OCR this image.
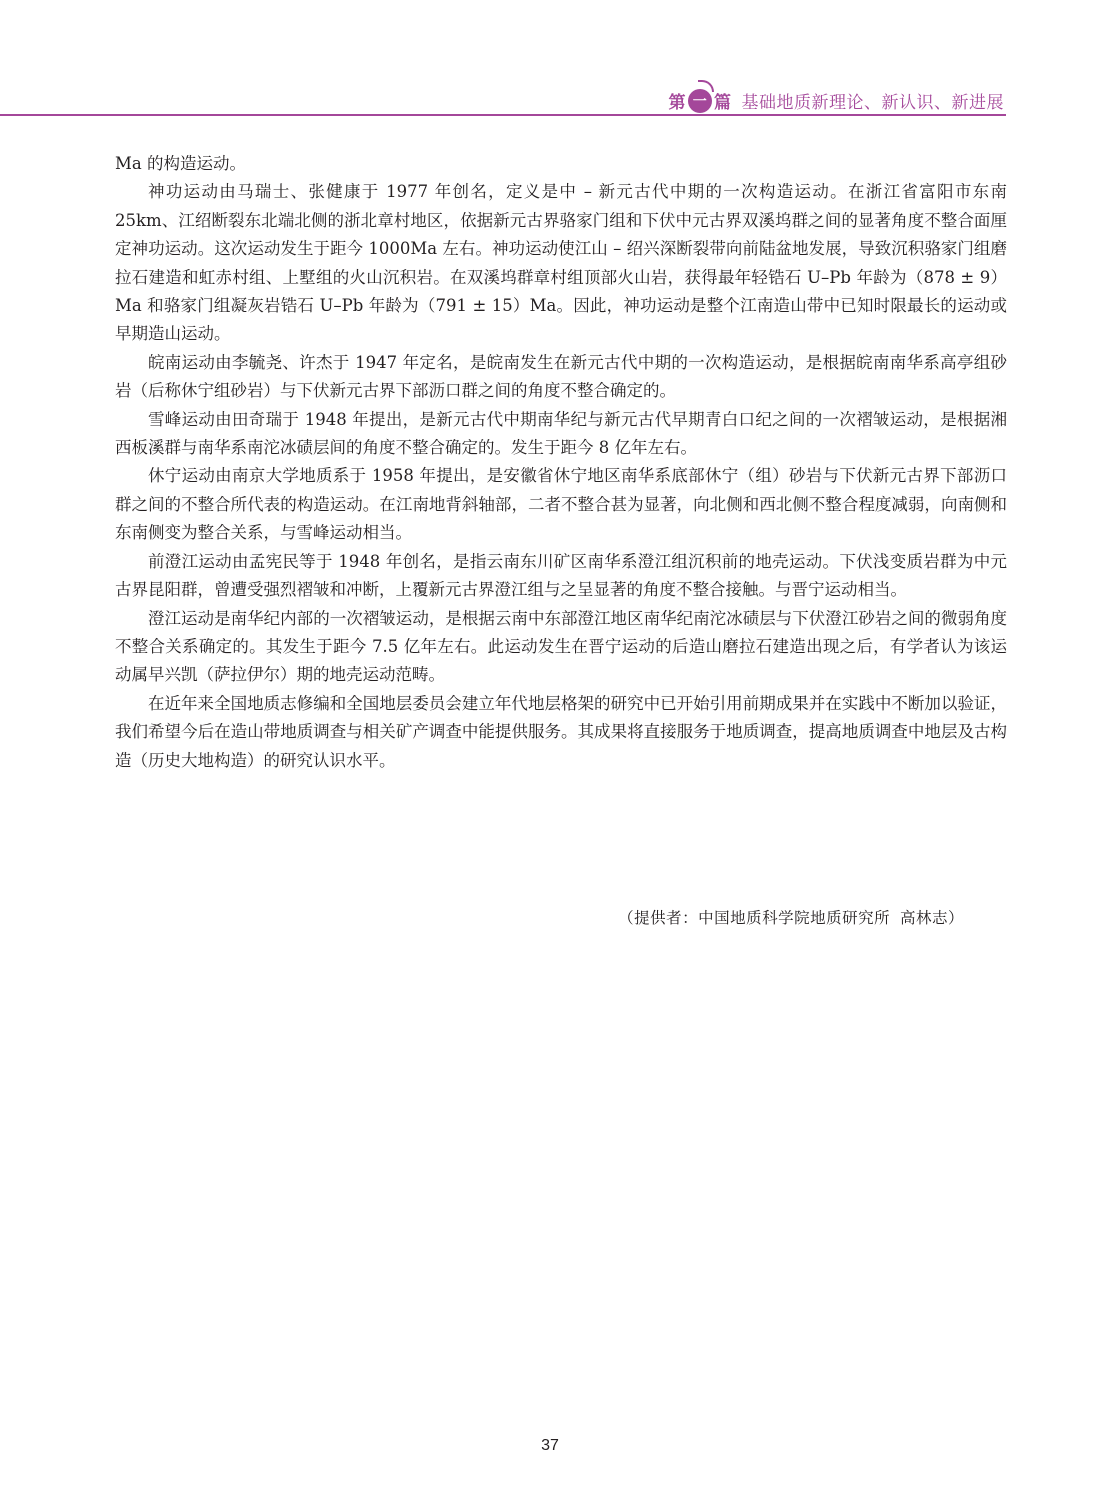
第 一 篇 基础地质新理论、新认识、新进展

Ma 的构造运动。

神功运动由马瑞士、张健康于 1977 年创名，定义是中 – 新元古代中期的一次构造运动。在浙江省富阳市东南 25km、江绍断裂东北端北侧的浙北章村地区，依据新元古界骆家门组和下伏中元古界双溪坞群之间的显著角度不整合面厘定神功运动。这次运动发生于距今 1000Ma 左右。神功运动使江山 – 绍兴深断裂带向前陆盆地发展，导致沉积骆家门组磨拉石建造和虹赤村组、上墅组的火山沉积岩。在双溪坞群章村组顶部火山岩，获得最年轻锆石 U–Pb 年龄为（878 ± 9）Ma 和骆家门组凝灰岩锆石 U–Pb 年龄为（791 ± 15）Ma。因此，神功运动是整个江南造山带中已知时限最长的运动或早期造山运动。

皖南运动由李毓尧、许杰于 1947 年定名，是皖南发生在新元古代中期的一次构造运动，是根据皖南南华系高亭组砂岩（后称休宁组砂岩）与下伏新元古界下部沥口群之间的角度不整合确定的。

雪峰运动由田奇瑞于 1948 年提出，是新元古代中期南华纪与新元古代早期青白口纪之间的一次褶皱运动，是根据湘西板溪群与南华系南沱冰碛层间的角度不整合确定的。发生于距今 8 亿年左右。

休宁运动由南京大学地质系于 1958 年提出，是安徽省休宁地区南华系底部休宁（组）砂岩与下伏新元古界下部沥口群之间的不整合所代表的构造运动。在江南地背斜轴部，二者不整合甚为显著，向北侧和西北侧不整合程度减弱，向南侧和东南侧变为整合关系，与雪峰运动相当。

前澄江运动由孟宪民等于 1948 年创名，是指云南东川矿区南华系澄江组沉积前的地壳运动。下伏浅变质岩群为中元古界昆阳群，曾遭受强烈褶皱和冲断，上覆新元古界澄江组与之呈显著的角度不整合接触。与晋宁运动相当。

澄江运动是南华纪内部的一次褶皱运动，是根据云南中东部澄江地区南华纪南沱冰碛层与下伏澄江砂岩之间的微弱角度不整合关系确定的。其发生于距今 7.5 亿年左右。此运动发生在晋宁运动的后造山磨拉石建造出现之后，有学者认为该运动属早兴凯（萨拉伊尔）期的地壳运动范畴。

在近年来全国地质志修编和全国地层委员会建立年代地层格架的研究中已开始引用前期成果并在实践中不断加以验证，我们希望今后在造山带地质调查与相关矿产调查中能提供服务。其成果将直接服务于地质调查，提高地质调查中地层及古构造（历史大地构造）的研究认识水平。

（提供者：中国地质科学院地质研究所 高林志）
37
